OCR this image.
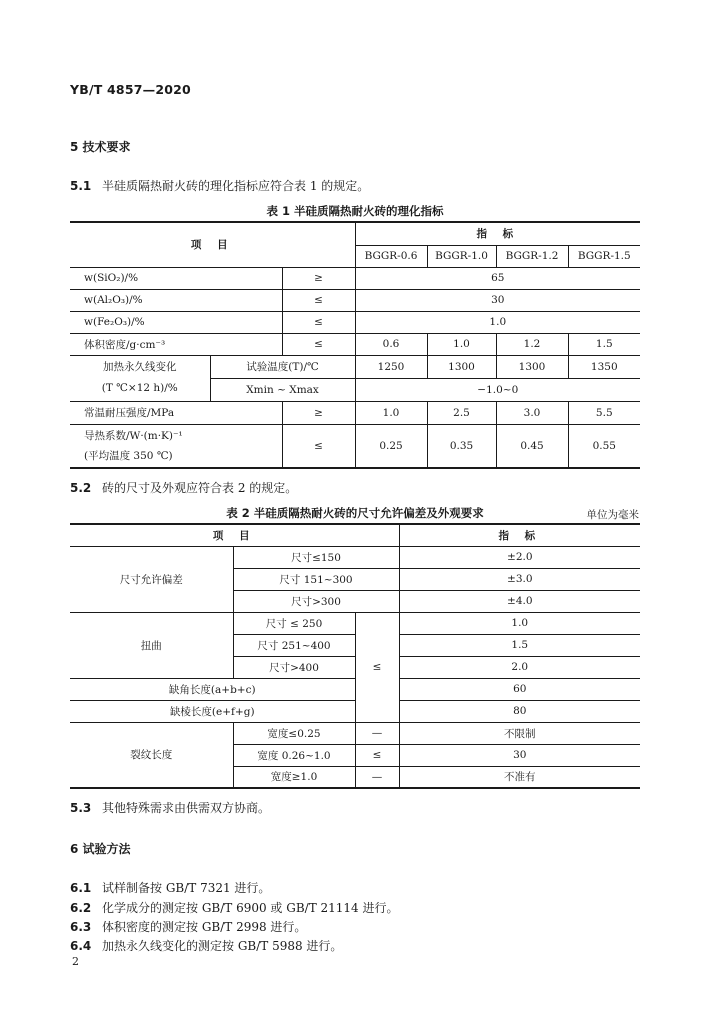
YB/T 4857—2020
5 技术要求
5.1 半硅质隔热耐火砖的理化指标应符合表 1 的规定。
表 1 半硅质隔热耐火砖的理化指标
项 目			指 标			
			BGGR-0.6	BGGR-1.0	BGGR-1.2	BGGR-1.5
w(SiO₂)/%		≥	65			
w(Al₂O₃)/%		≤	30			
w(Fe₂O₃)/%		≤	1.0			
体积密度/g·cm⁻³		≤	0.6	1.0	1.2	1.5

加热永久线变化
(T ℃×12 h)/%	试验温度(T)/℃		1250	1300	1300	1350
	Xmin ~ Xmax		−1.0~0			
常温耐压强度/MPa		≥	1.0	2.5	3.0	5.5

导热系数/W·(m·K)⁻¹
(平均温度 350 ℃)		≤	0.25	0.35	0.45	0.55
5.2 砖的尺寸及外观应符合表 2 的规定。
表 2 半硅质隔热耐火砖的尺寸允许偏差及外观要求	单位为毫米
项 目			指 标
尺寸允许偏差	尺寸≤150		±2.0
	尺寸 151~300		±3.0
	尺寸>300		±4.0
扭曲	尺寸 ≤ 250		1.0
	尺寸 251~400		1.5
	尺寸>400	≤	2.0
缺角长度(a+b+c)			60
缺棱长度(e+f+g)			80
裂纹长度	宽度≤0.25	—	不限制
	宽度 0.26~1.0	≤	30
	宽度≥1.0	—	不准有
5.3 其他特殊需求由供需双方协商。
6 试验方法
6.1 试样制备按 GB/T 7321 进行。
6.2 化学成分的测定按 GB/T 6900 或 GB/T 21114 进行。
6.3 体积密度的测定按 GB/T 2998 进行。
6.4 加热永久线变化的测定按 GB/T 5988 进行。
2
